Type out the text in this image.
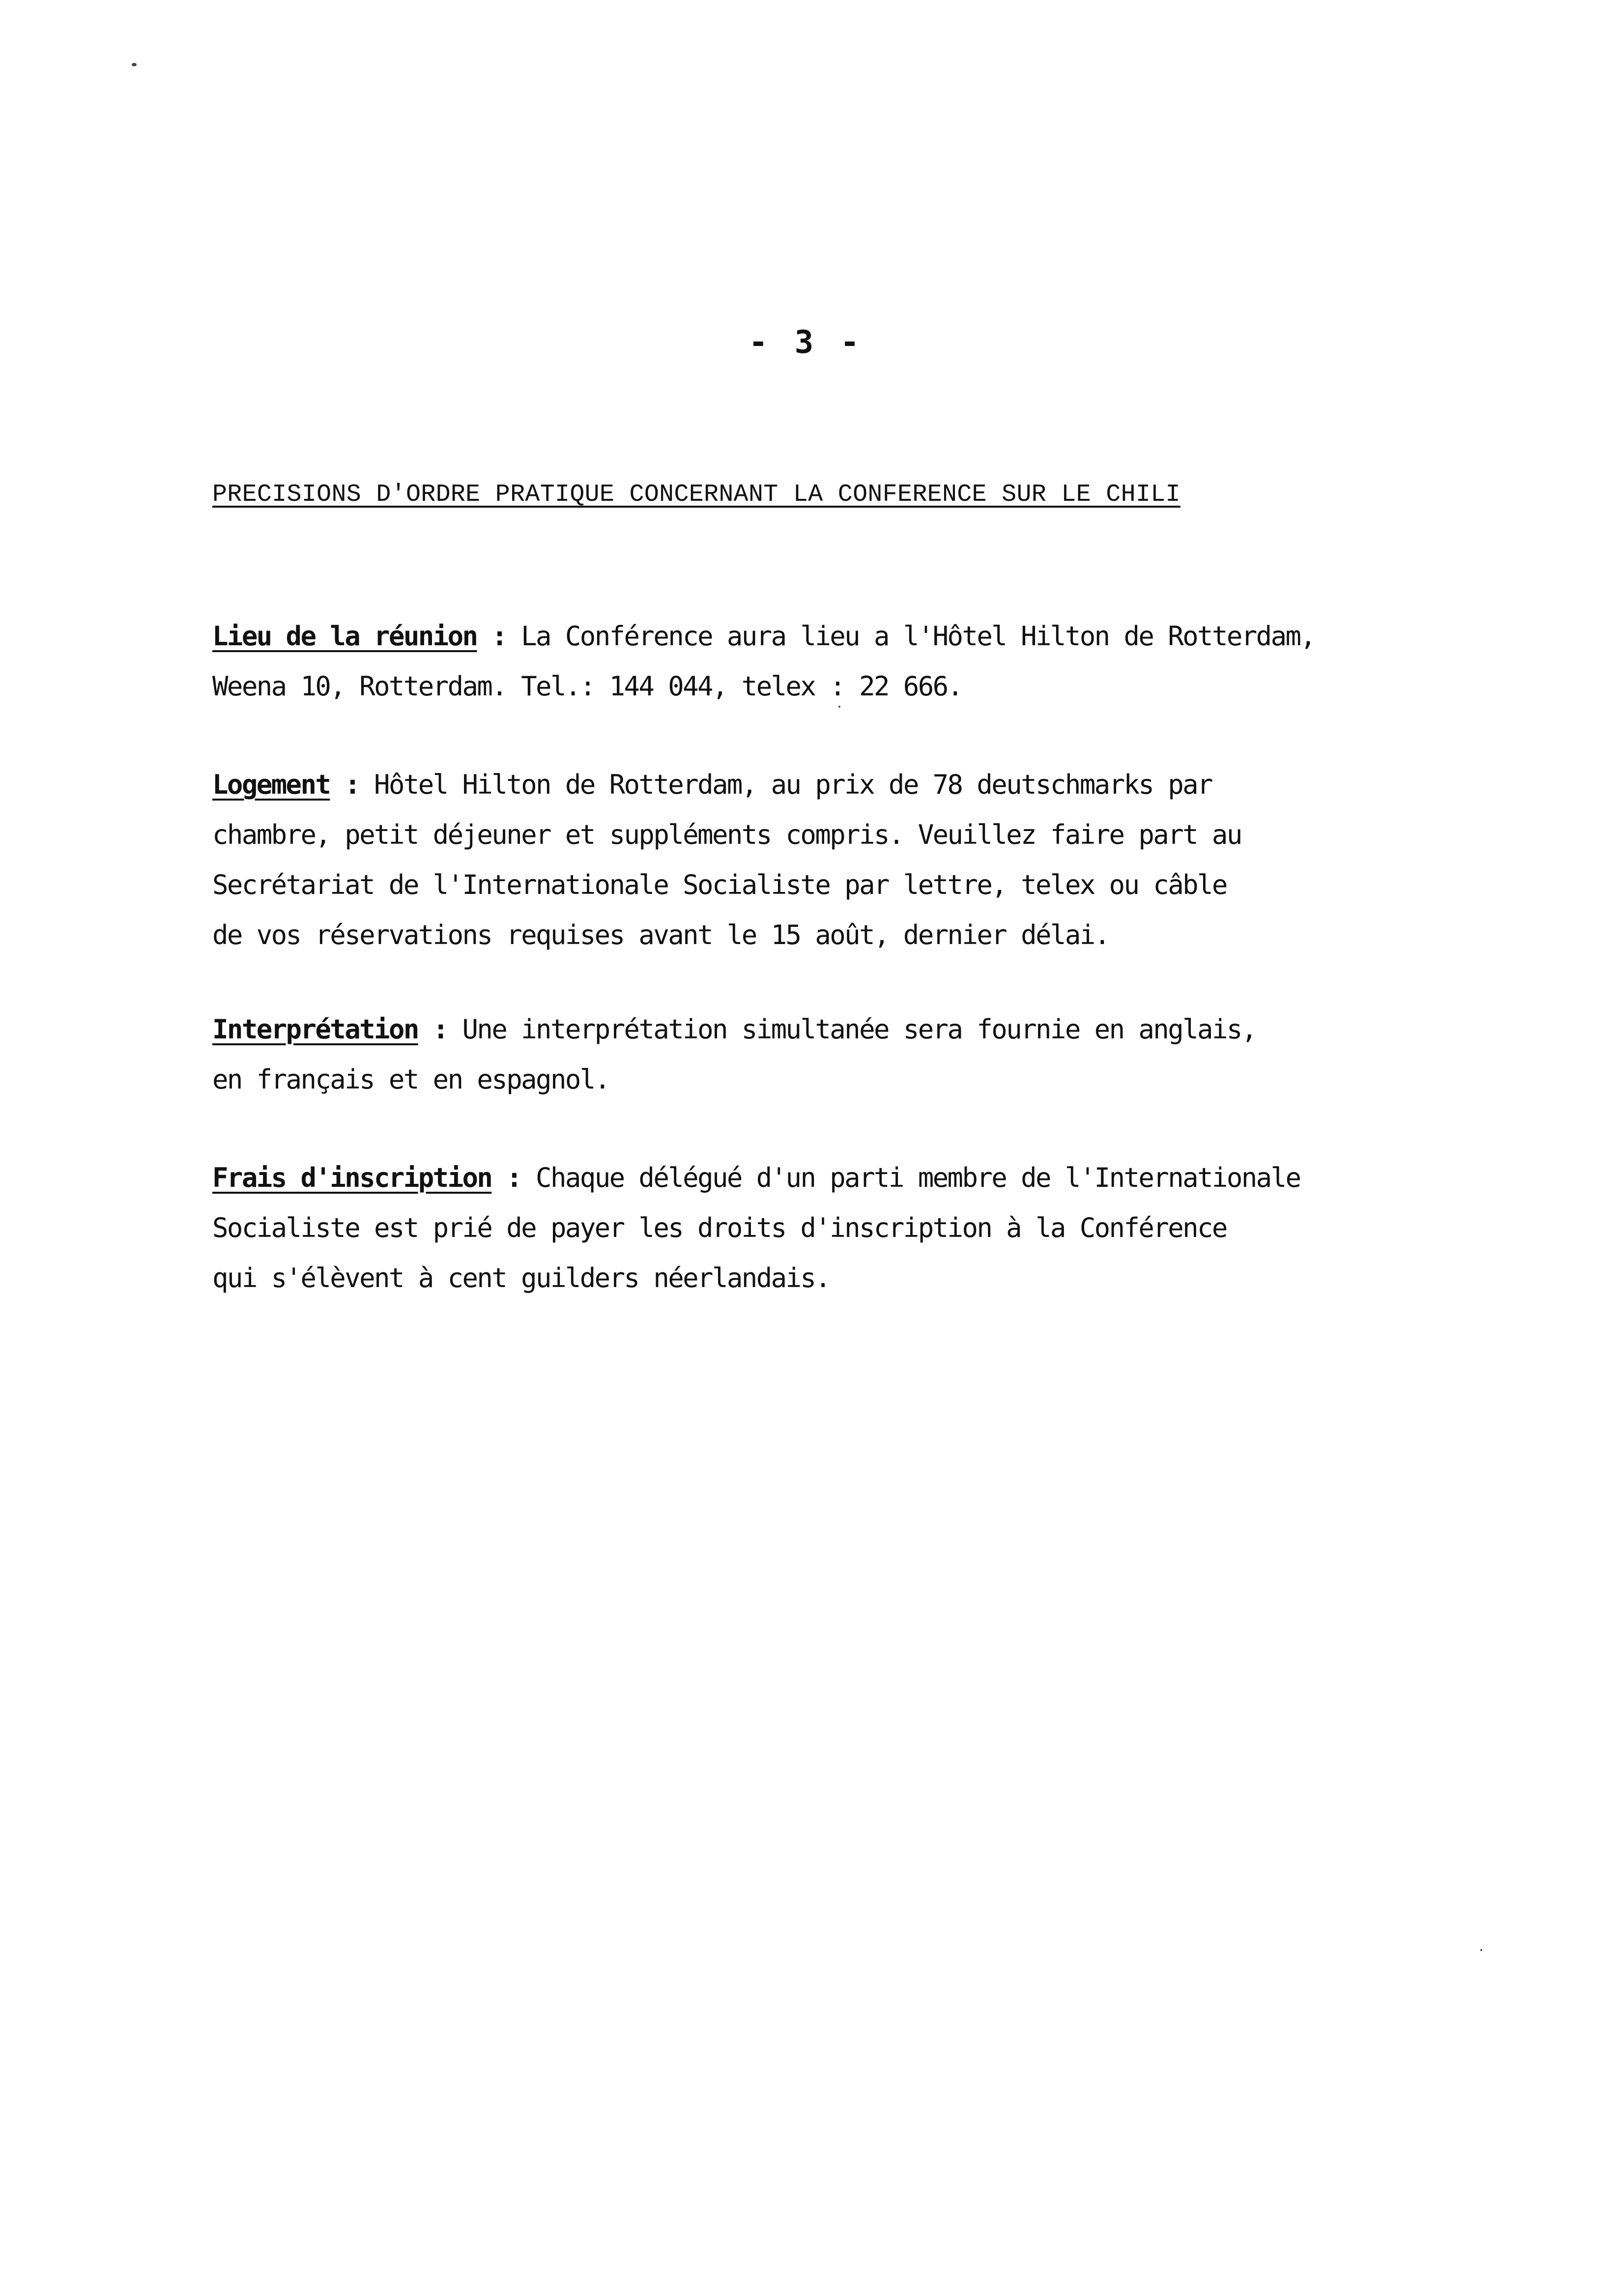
- 3 -
PRECISIONS D'ORDRE PRATIQUE CONCERNANT LA CONFERENCE SUR LE CHILI
Lieu de la réunion : La Conférence aura lieu a l'Hôtel Hilton de Rotterdam,
Weena 10, Rotterdam. Tel.: 144 044, telex : 22 666.
Logement : Hôtel Hilton de Rotterdam, au prix de 78 deutschmarks par
chambre, petit déjeuner et suppléments compris. Veuillez faire part au
Secrétariat de l'Internationale Socialiste par lettre, telex ou câble
de vos réservations requises avant le 15 août, dernier délai.
Interprétation : Une interprétation simultanée sera fournie en anglais,
en français et en espagnol.
Frais d'inscription : Chaque délégué d'un parti membre de l'Internationale
Socialiste est prié de payer les droits d'inscription à la Conférence
qui s'élèvent à cent guilders néerlandais.
